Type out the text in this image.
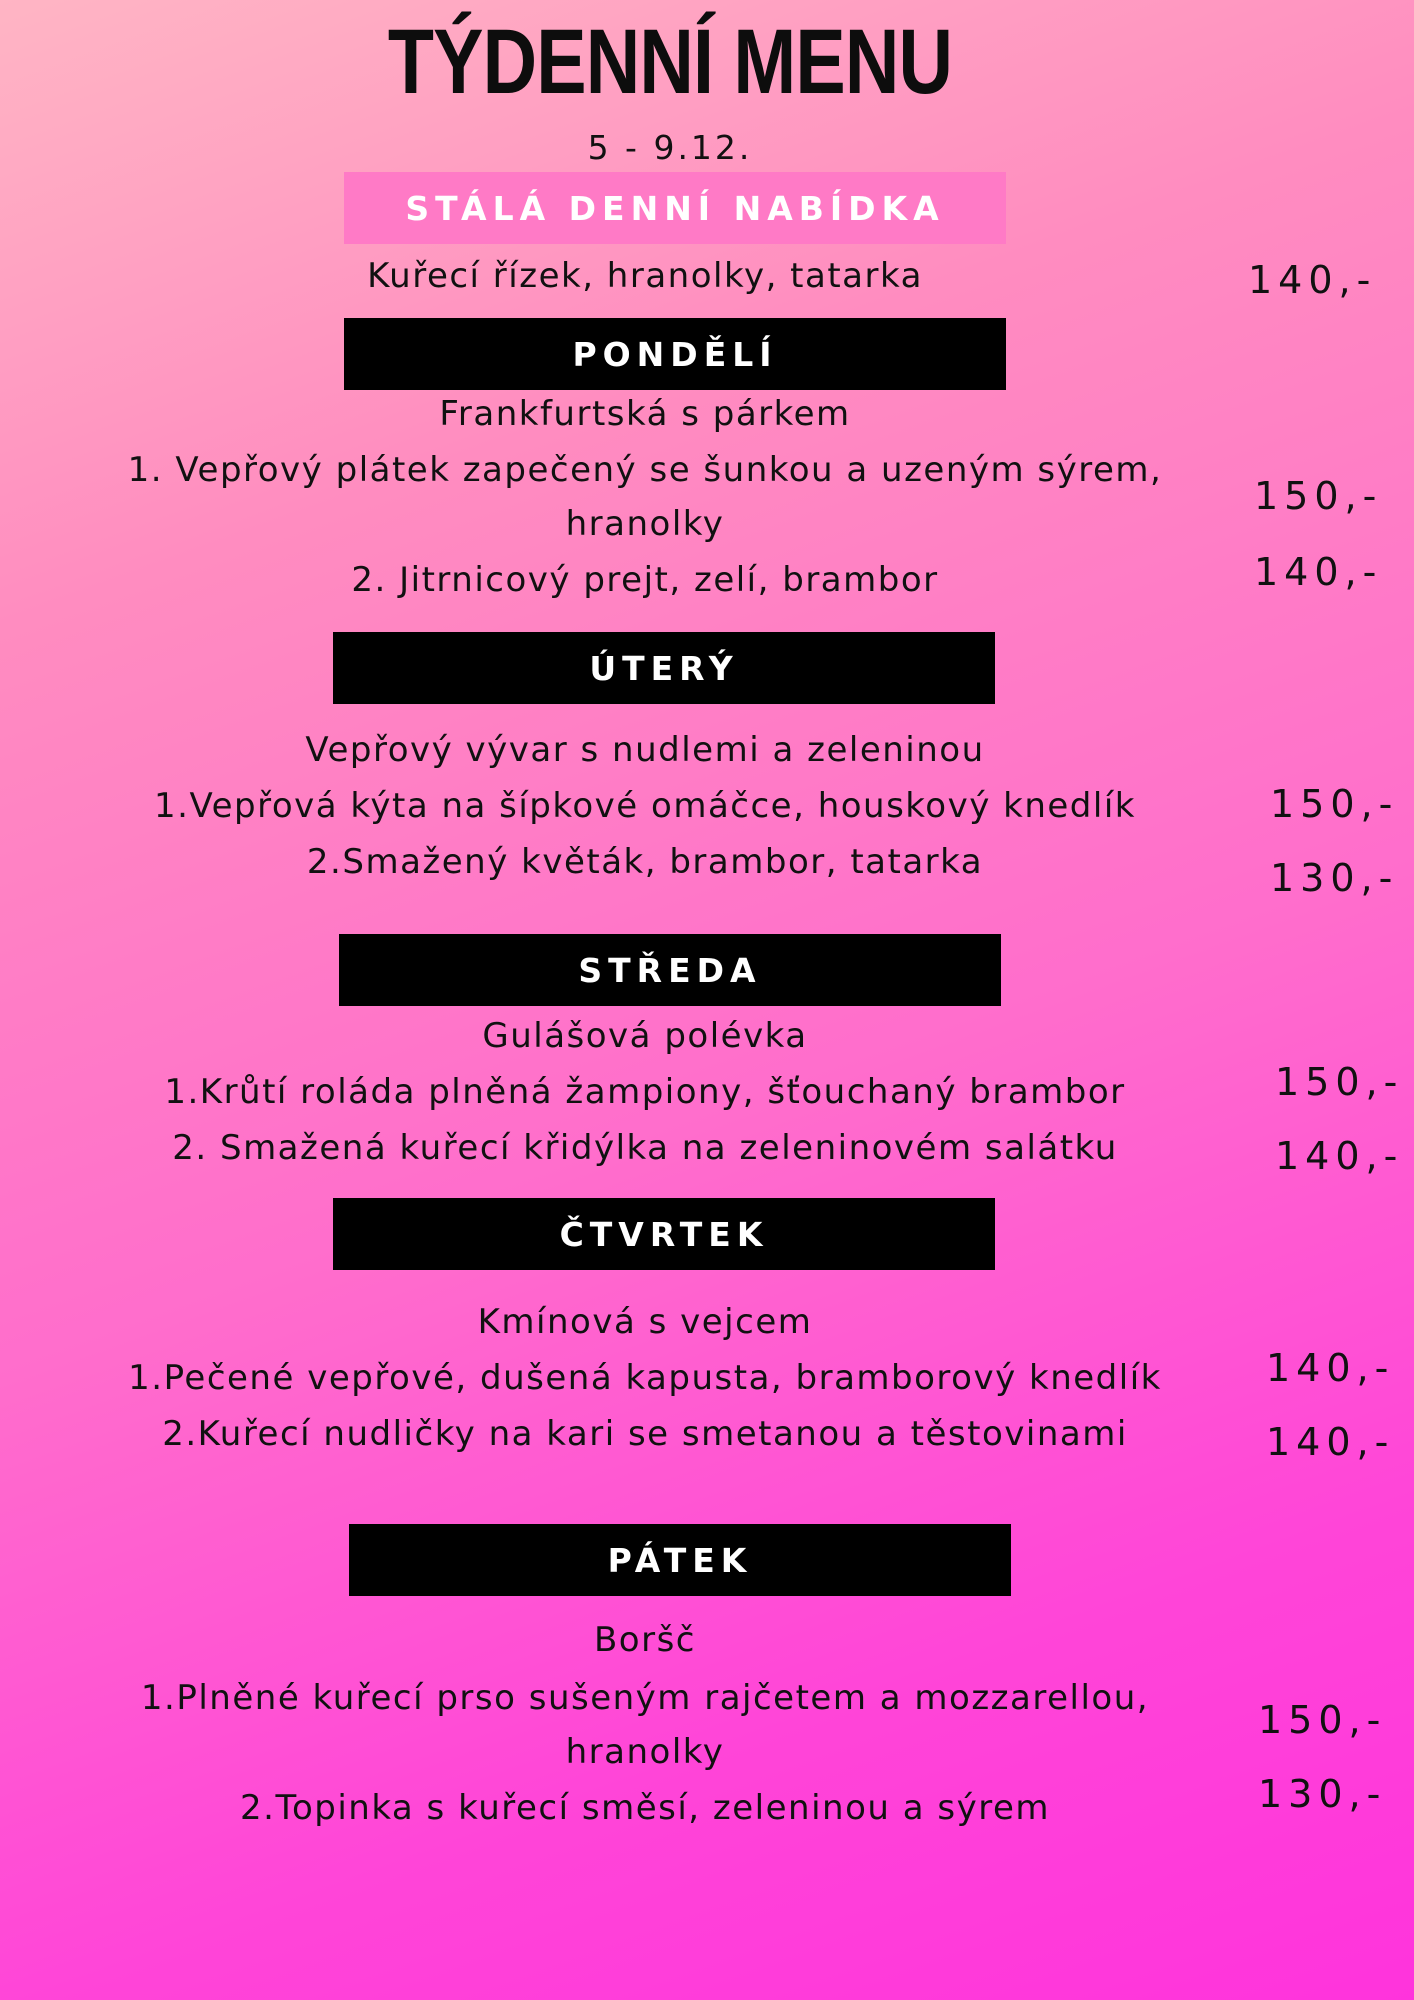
TÝDENNÍ MENU
5 - 9.12.
STÁLÁ DENNÍ NABÍDKA
Kuřecí řízek, hranolky, tatarka	140,-
PONDĚLÍ
Frankfurtská s párkem
1. Vepřový plátek zapečený se šunkou a uzeným sýrem,
hranolky
2. Jitrnicový prejt, zelí, brambor
150,-
140,-
ÚTERÝ
Vepřový vývar s nudlemi a zeleninou
1.Vepřová kýta na šípkové omáčce, houskový knedlík
2.Smažený květák, brambor, tatarka
150,-
130,-
STŘEDA
Gulášová polévka
1.Krůtí roláda plněná žampiony, šťouchaný brambor
2. Smažená kuřecí křidýlka na zeleninovém salátku
150,-
140,-
ČTVRTEK
Kmínová s vejcem
1.Pečené vepřové, dušená kapusta, bramborový knedlík
2.Kuřecí nudličky na kari se smetanou a těstovinami
140,-
140,-
PÁTEK
Boršč
1.Plněné kuřecí prso sušeným rajčetem a mozzarellou,
hranolky
2.Topinka s kuřecí směsí, zeleninou a sýrem
150,-
130,-
